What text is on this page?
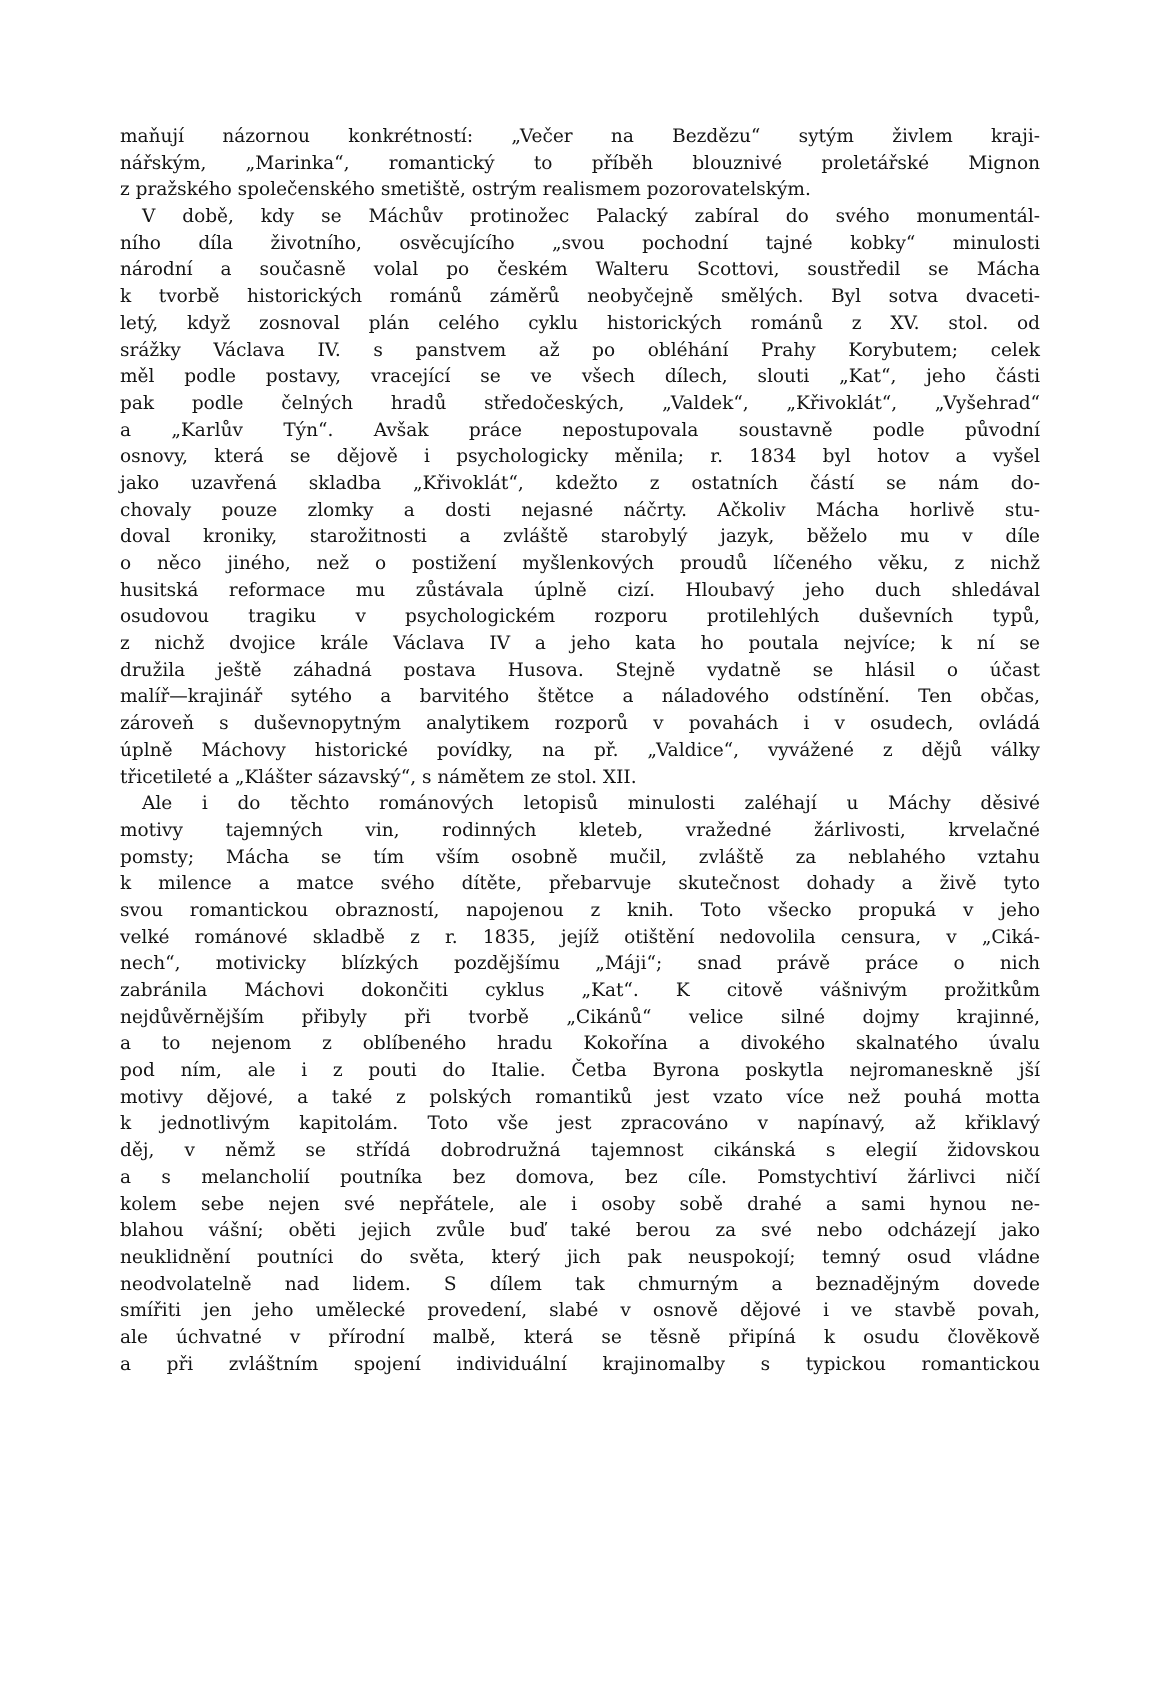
maňují názornou konkrétností: „Večer na Bezdězu“ sytým živlem kraji-
nářským, „Marinka“, romantický to příběh blouznivé proletářské Mignon
z pražského společenského smetiště, ostrým realismem pozorovatelským.
V době, kdy se Máchův protinožec Palacký zabíral do svého monumentál-
ního díla životního, osvěcujícího „svou pochodní tajné kobky“ minulosti
národní a současně volal po českém Walteru Scottovi, soustředil se Mácha
k tvorbě historických románů záměrů neobyčejně smělých. Byl sotva dvaceti-
letý, když zosnoval plán celého cyklu historických románů z XV. stol. od
srážky Václava IV. s panstvem až po obléhání Prahy Korybutem; celek
měl podle postavy, vracející se ve všech dílech, slouti „Kat“, jeho části
pak podle čelných hradů středočeských, „Valdek“, „Křivoklát“, „Vyšehrad“
a „Karlův Týn“. Avšak práce nepostupovala soustavně podle původní
osnovy, která se dějově i psychologicky měnila; r. 1834 byl hotov a vyšel
jako uzavřená skladba „Křivoklát“, kdežto z ostatních částí se nám do-
chovaly pouze zlomky a dosti nejasné náčrty. Ačkoliv Mácha horlivě stu-
doval kroniky, starožitnosti a zvláště starobylý jazyk, běželo mu v díle
o něco jiného, než o postižení myšlenkových proudů líčeného věku, z nichž
husitská reformace mu zůstávala úplně cizí. Hloubavý jeho duch shledával
osudovou tragiku v psychologickém rozporu protilehlých duševních typů,
z nichž dvojice krále Václava IV a jeho kata ho poutala nejvíce; k ní se
družila ještě záhadná postava Husova. Stejně vydatně se hlásil o účast
malíř—krajinář sytého a barvitého štětce a náladového odstínění. Ten občas,
zároveň s duševnopytným analytikem rozporů v povahách i v osudech, ovládá
úplně Máchovy historické povídky, na př. „Valdice“, vyvážené z dějů války
třicetileté a „Klášter sázavský“, s námětem ze stol. XII.
Ale i do těchto románových letopisů minulosti zaléhají u Máchy děsivé
motivy tajemných vin, rodinných kleteb, vražedné žárlivosti, krvelačné
pomsty; Mácha se tím vším osobně mučil, zvláště za neblahého vztahu
k milence a matce svého dítěte, přebarvuje skutečnost dohady a živě tyto
svou romantickou obrazností, napojenou z knih. Toto všecko propuká v jeho
velké románové skladbě z r. 1835, jejíž otištění nedovolila censura, v „Ciká-
nech“, motivicky blízkých pozdějšímu „Máji“; snad právě práce o nich
zabránila Máchovi dokončiti cyklus „Kat“. K citově vášnivým prožitkům
nejdůvěrnějším přibyly při tvorbě „Cikánů“ velice silné dojmy krajinné,
a to nejenom z oblíbeného hradu Kokořína a divokého skalnatého úvalu
pod ním, ale i z pouti do Italie. Četba Byrona poskytla nejromaneskně jší
motivy dějové, a také z polských romantiků jest vzato více než pouhá motta
k jednotlivým kapitolám. Toto vše jest zpracováno v napínavý, až křiklavý
děj, v němž se střídá dobrodružná tajemnost cikánská s elegií židovskou
a s melancholií poutníka bez domova, bez cíle. Pomstychtiví žárlivci ničí
kolem sebe nejen své nepřátele, ale i osoby sobě drahé a sami hynou ne-
blahou vášní; oběti jejich zvůle buď také berou za své nebo odcházejí jako
neuklidnění poutníci do světa, který jich pak neuspokojí; temný osud vládne
neodvolatelně nad lidem. S dílem tak chmurným a beznadějným dovede
smířiti jen jeho umělecké provedení, slabé v osnově dějové i ve stavbě povah,
ale úchvatné v přírodní malbě, která se těsně připíná k osudu člověkově
a při zvláštním spojení individuální krajinomalby s typickou romantickou
